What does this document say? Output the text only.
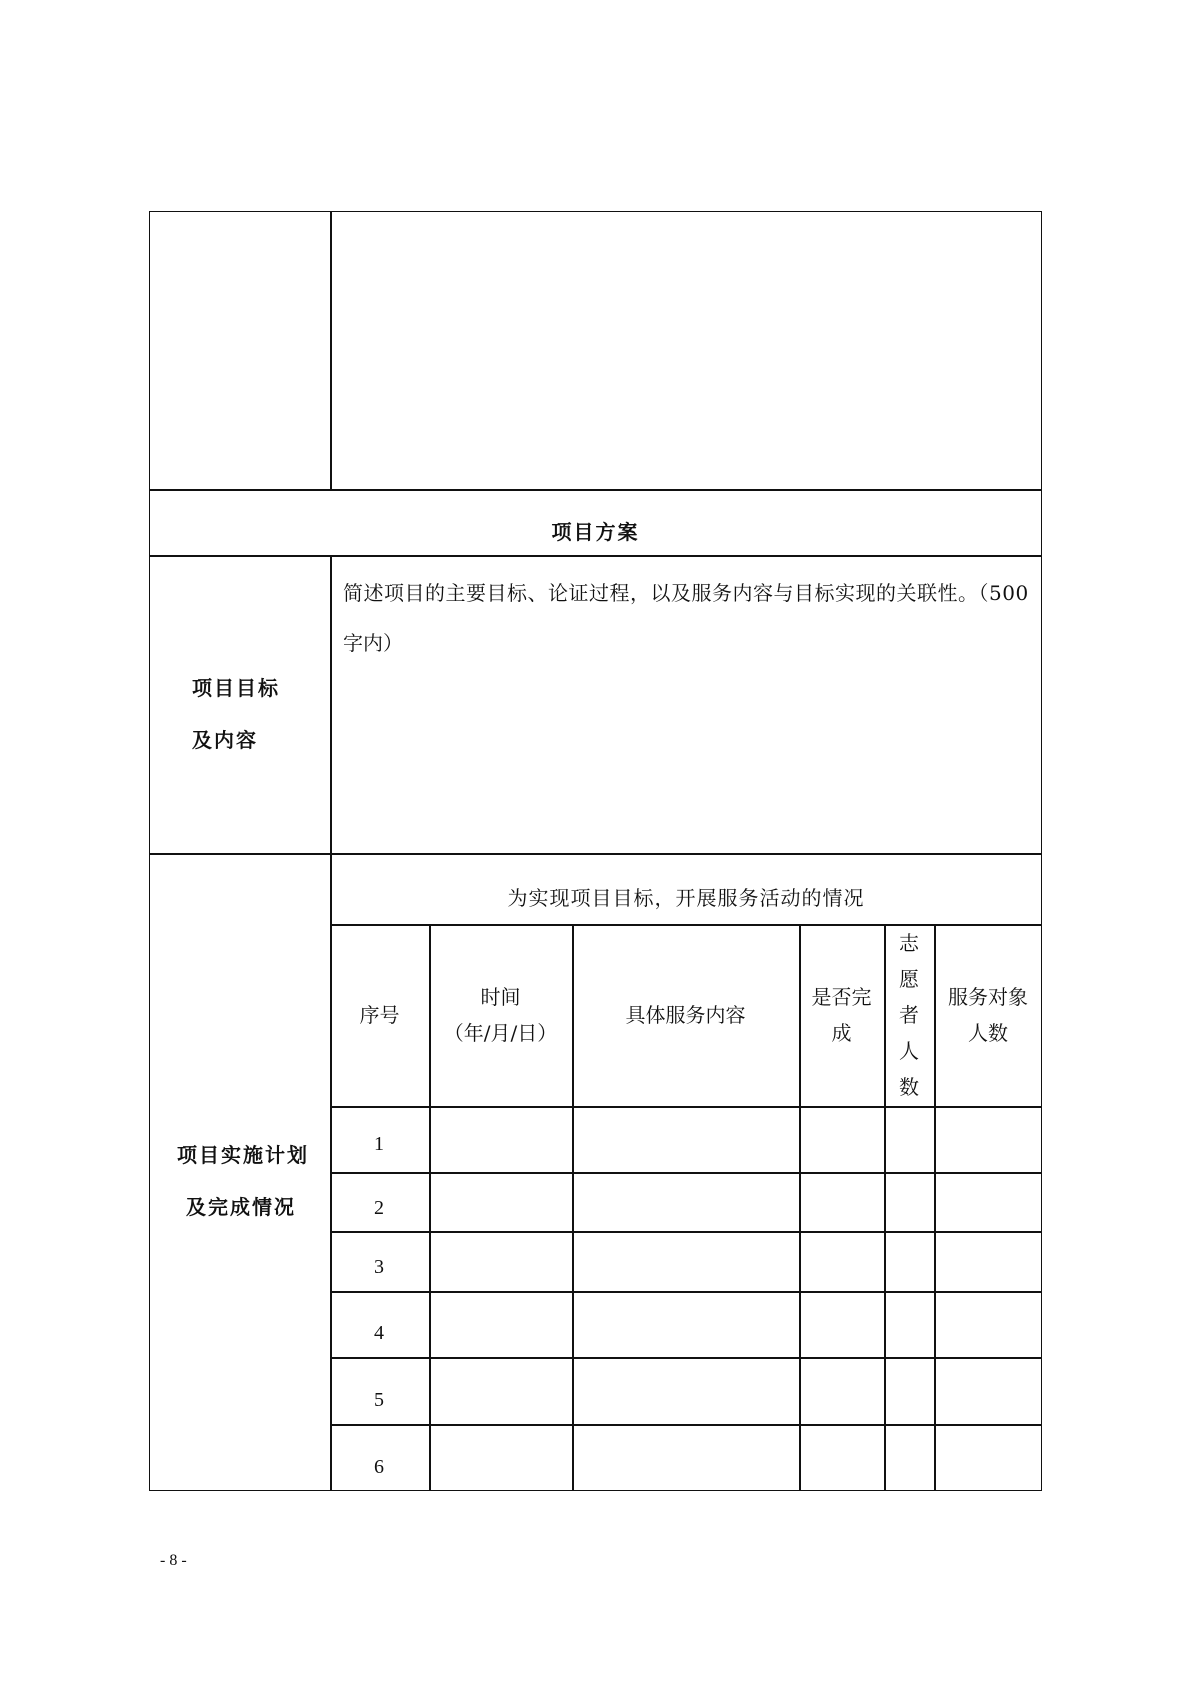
项目方案
项目目标
及内容
简述项目的主要目标、论证过程，以及服务内容与目标实现的关联性。（500
字内）
项目实施计划
及完成情况
为实现项目目标，开展服务活动的情况
序号
时间
（年/月/日）
具体服务内容
是否完
成
志
愿
者
人
数
服务对象
人数
1
2
3
4
5
6
- 8 -
